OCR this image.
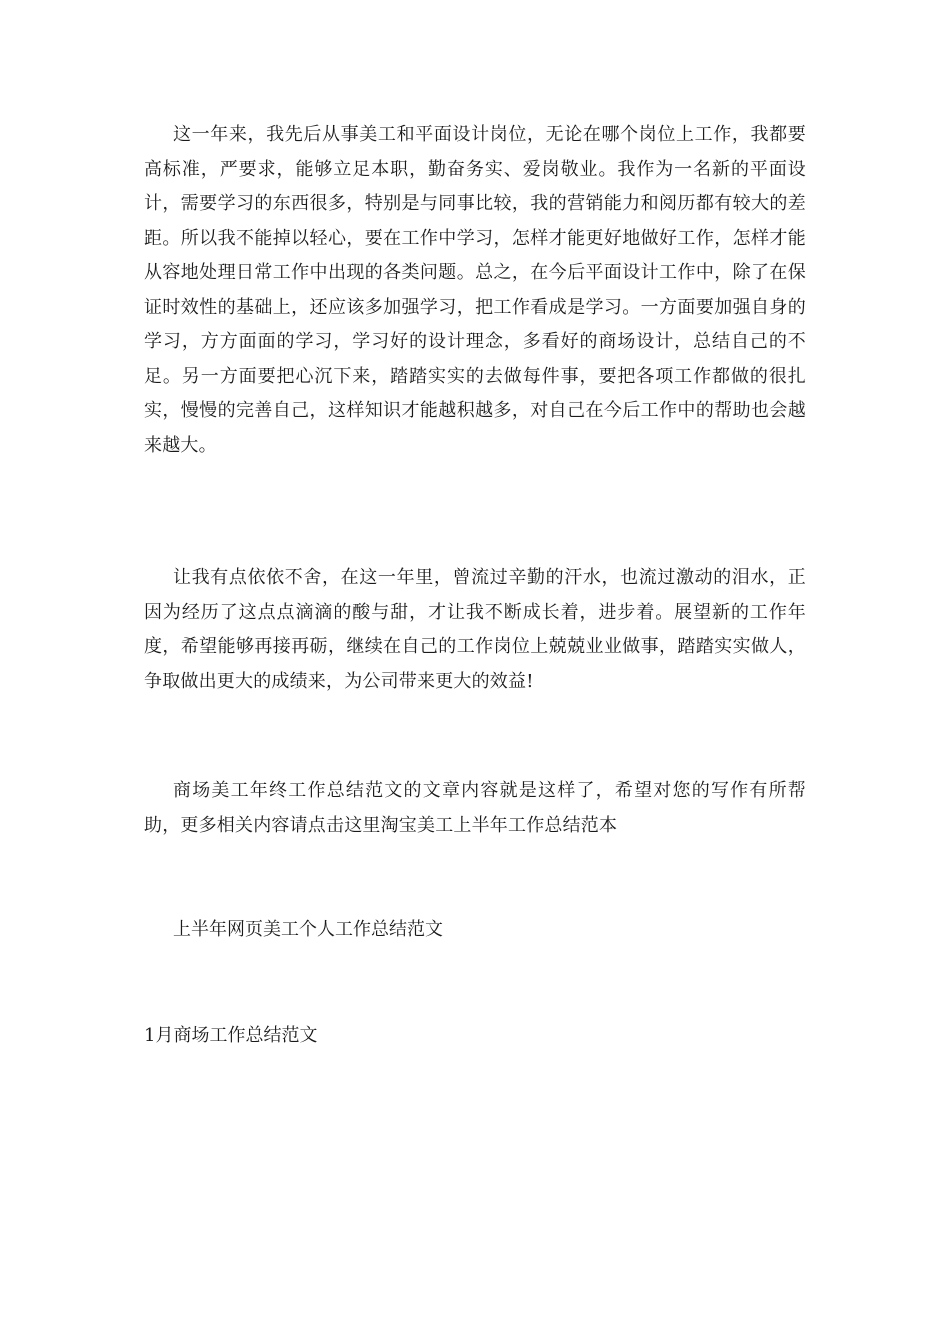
这一年来，我先后从事美工和平面设计岗位，无论在哪个岗位上工作，我都要高标准，严要求，能够立足本职，勤奋务实、爱岗敬业。我作为一名新的平面设计，需要学习的东西很多，特别是与同事比较，我的营销能力和阅历都有较大的差距。所以我不能掉以轻心，要在工作中学习，怎样才能更好地做好工作，怎样才能从容地处理日常工作中出现的各类问题。总之，在今后平面设计工作中，除了在保证时效性的基础上，还应该多加强学习，把工作看成是学习。一方面要加强自身的学习，方方面面的学习，学习好的设计理念，多看好的商场设计，总结自己的不足。另一方面要把心沉下来，踏踏实实的去做每件事，要把各项工作都做的很扎实，慢慢的完善自己，这样知识才能越积越多，对自己在今后工作中的帮助也会越来越大。

让我有点依依不舍，在这一年里，曾流过辛勤的汗水，也流过激动的泪水，正因为经历了这点点滴滴的酸与甜，才让我不断成长着，进步着。展望新的工作年度，希望能够再接再砺，继续在自己的工作岗位上兢兢业业做事，踏踏实实做人，争取做出更大的成绩来，为公司带来更大的效益!

商场美工年终工作总结范文的文章内容就是这样了，希望对您的写作有所帮助，更多相关内容请点击这里淘宝美工上半年工作总结范本

上半年网页美工个人工作总结范文

1月商场工作总结范文
